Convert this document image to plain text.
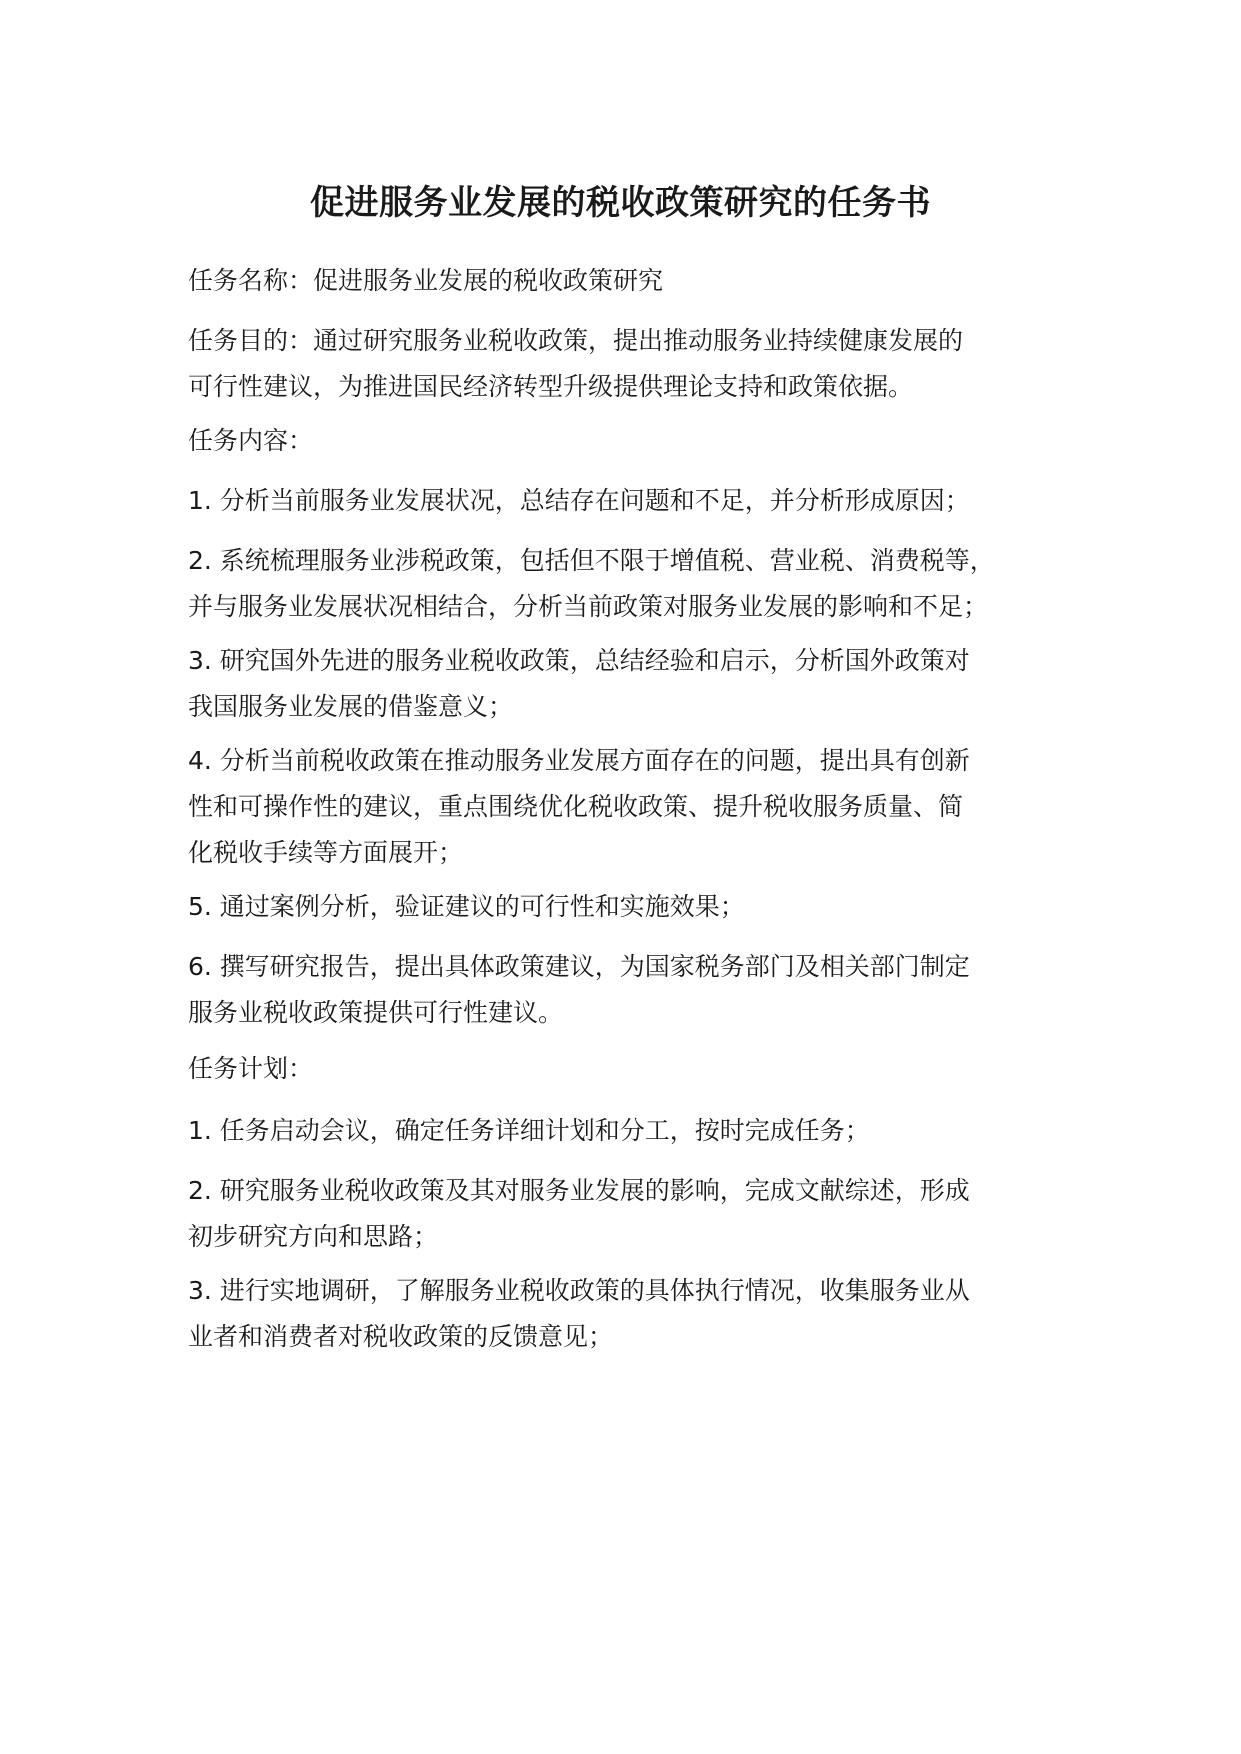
促进服务业发展的税收政策研究的任务书

任务名称：促进服务业发展的税收政策研究

任务目的：通过研究服务业税收政策，提出推动服务业持续健康发展的
可行性建议，为推进国民经济转型升级提供理论支持和政策依据。

任务内容：

1. 分析当前服务业发展状况，总结存在问题和不足，并分析形成原因；

2. 系统梳理服务业涉税政策，包括但不限于增值税、营业税、消费税等，
并与服务业发展状况相结合，分析当前政策对服务业发展的影响和不足；

3. 研究国外先进的服务业税收政策，总结经验和启示，分析国外政策对
我国服务业发展的借鉴意义；

4. 分析当前税收政策在推动服务业发展方面存在的问题，提出具有创新
性和可操作性的建议，重点围绕优化税收政策、提升税收服务质量、简
化税收手续等方面展开；

5. 通过案例分析，验证建议的可行性和实施效果；

6. 撰写研究报告，提出具体政策建议，为国家税务部门及相关部门制定
服务业税收政策提供可行性建议。

任务计划：

1. 任务启动会议，确定任务详细计划和分工，按时完成任务；

2. 研究服务业税收政策及其对服务业发展的影响，完成文献综述，形成
初步研究方向和思路；

3. 进行实地调研，了解服务业税收政策的具体执行情况，收集服务业从
业者和消费者对税收政策的反馈意见；
